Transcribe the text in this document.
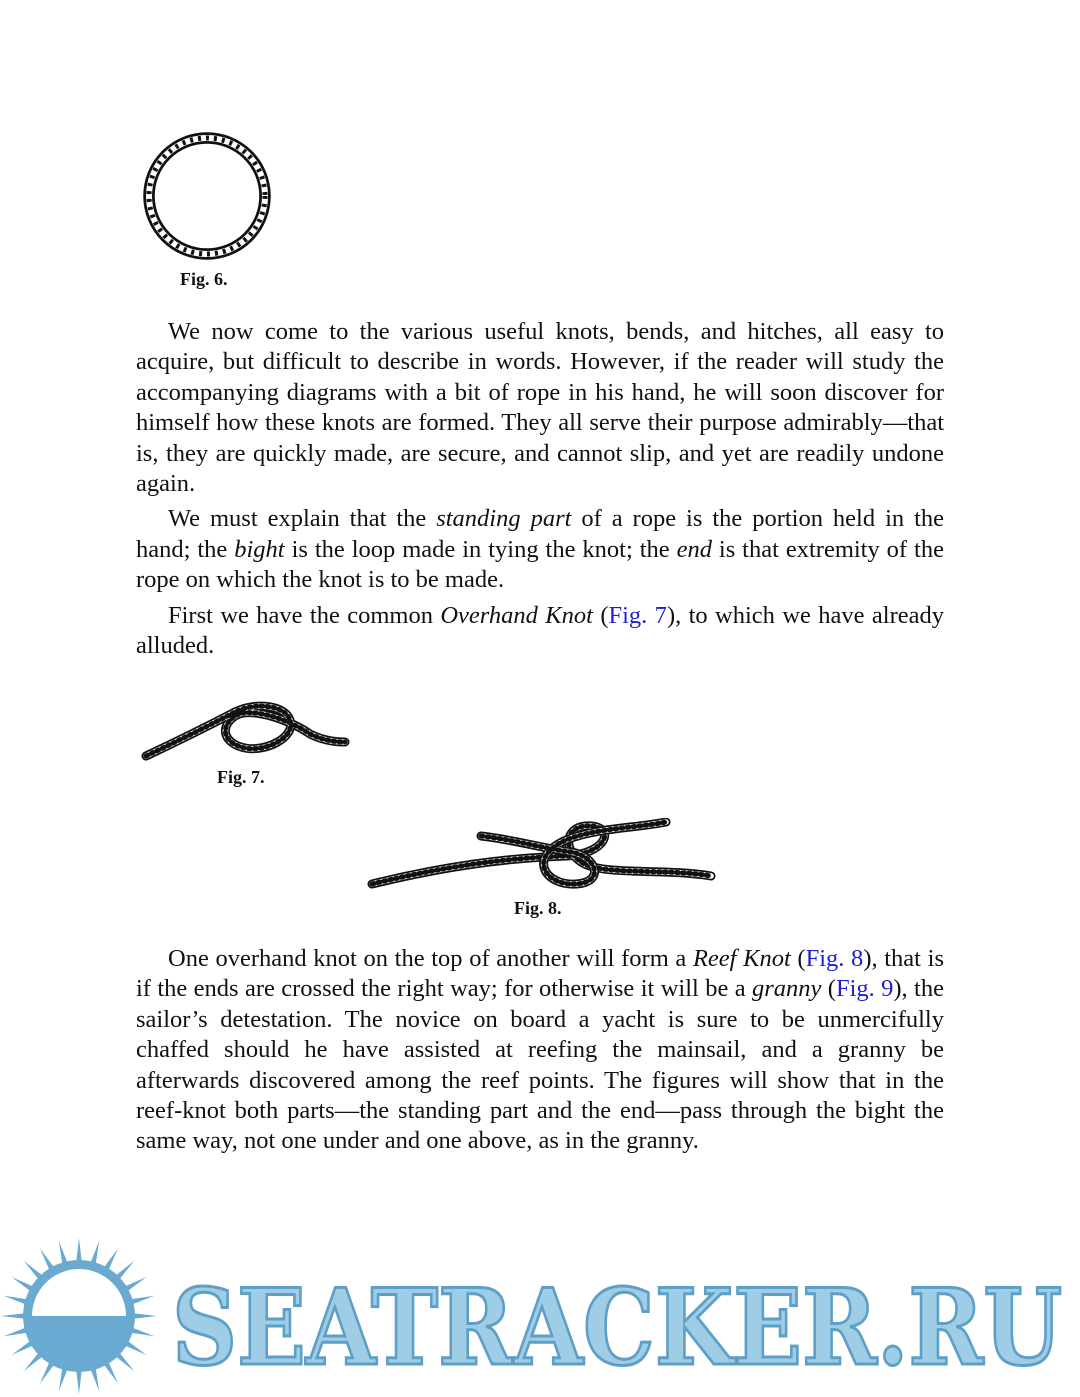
Fig. 6.

We now come to the various useful knots, bends, and hitches, all easy to acquire, but difficult to describe in words. However, if the reader will study the accompanying diagrams with a bit of rope in his hand, he will soon discover for himself how these knots are formed. They all serve their purpose admirably—that is, they are quickly made, are secure, and cannot slip, and yet are readily undone again.

We must explain that the standing part of a rope is the portion held in the hand; the bight is the loop made in tying the knot; the end is that extremity of the rope on which the knot is to be made.

First we have the common Overhand Knot (Fig. 7), to which we have already alluded.

Fig. 7.
Fig. 8.

One overhand knot on the top of another will form a Reef Knot (Fig. 8), that is if the ends are crossed the right way; for otherwise it will be a granny (Fig. 9), the sailor’s detestation. The novice on board a yacht is sure to be unmercifully chaffed should he have assisted at reefing the mainsail, and a granny be afterwards discovered among the reef points. The figures will show that in the reef-knot both parts—the standing part and the end—pass through the bight the same way, not one under and one above, as in the granny.

SEATRACKER.RU
